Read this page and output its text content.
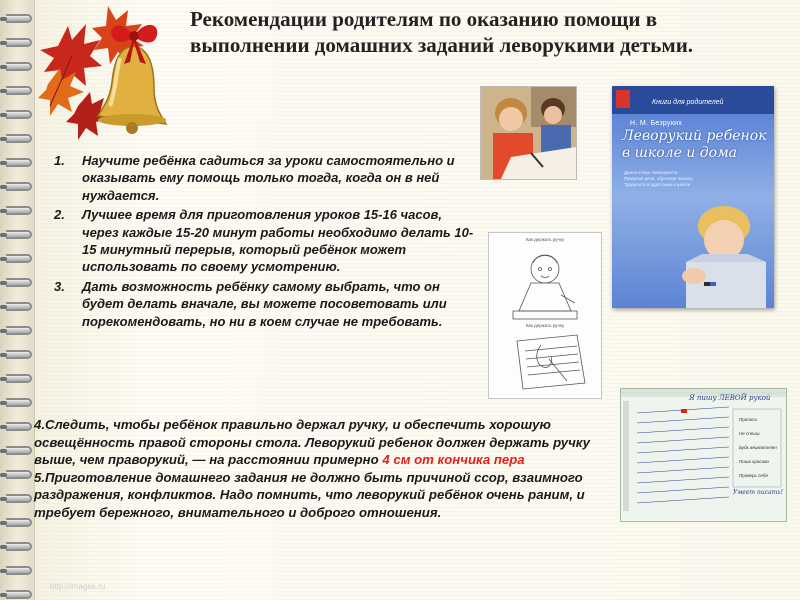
Рекомендации родителям по оказанию помощи в выполнении домашних заданий леворукими детьми.
Книги для родителей
Н. М. Безруких
Леворукий ребенок в школе и дома
Диагностика леворукости. Развитие речи, обучение письму. Трудности в адаптации к школе
Как держать ручку
Как держать ручку
Я пишу ЛЕВОЙ рукой
Прописи
Не спеши
Будь внимателен
Пиши красиво
Проверь себя
Умеет писать!
1. Научите ребёнка садиться за уроки самостоятельно и оказывать ему помощь только тогда, когда он в ней нуждается.
2. Лучшее время для приготовления уроков 15-16 часов, через каждые 15-20 минут работы необходимо делать 10-15 минутный перерыв, который ребёнок может использовать по своему усмотрению.
3. Дать возможность ребёнку самому выбрать, что он будет делать вначале, вы можете посоветовать или порекомендовать, но ни в коем случае не требовать.
4.Следить, чтобы ребёнок правильно держал ручку, и обеспечить хорошую освещённость правой стороны стола. Леворукий ребенок должен держать ручку выше, чем праворукий, — на расстоянии примерно 4 см от кончика пера
5.Приготовление домашнего задания не должно быть причиной ссор, взаимного раздражения, конфликтов. Надо помнить, что леворукий ребёнок очень раним, и требует бережного, внимательного и доброго отношения.
http://images.ru
